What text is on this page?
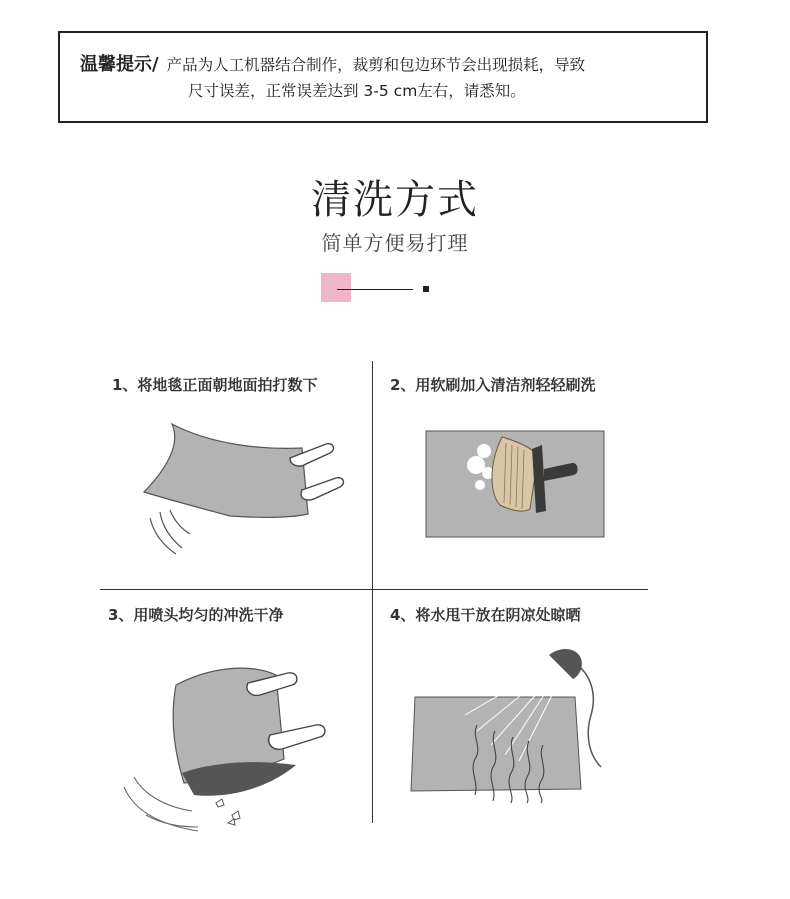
温馨提示/ 产品为人工机器结合制作，裁剪和包边环节会出现损耗，导致
尺寸误差，正常误差达到 3-5 cm左右，请悉知。
清洗方式
简单方便易打理
1、将地毯正面朝地面拍打数下	2、用软刷加入清洁剂轻轻刷洗
3、用喷头均匀的冲洗干净	4、将水甩干放在阴凉处晾晒
